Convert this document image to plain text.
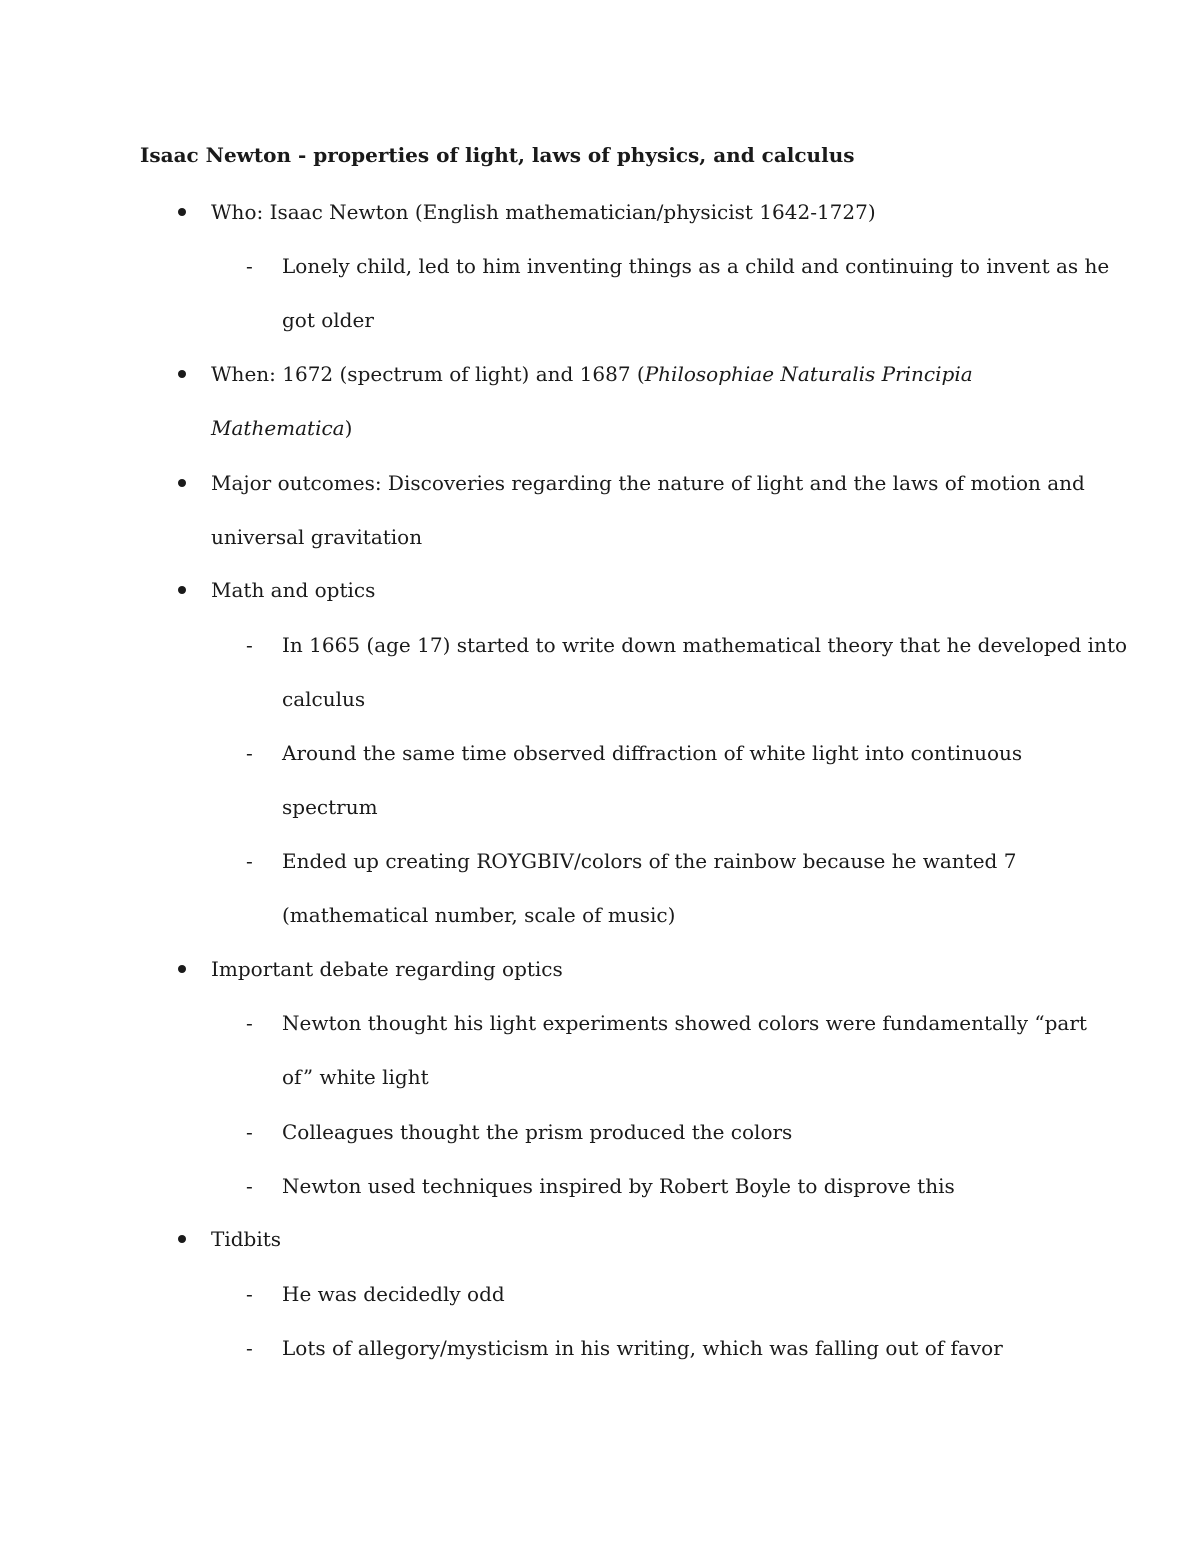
Isaac Newton - properties of light, laws of physics, and calculus
Who: Isaac Newton (English mathematician/physicist 1642-1727)
- Lonely child, led to him inventing things as a child and continuing to invent as he
got older
When: 1672 (spectrum of light) and 1687 (Philosophiae Naturalis Principia
Mathematica)
Major outcomes: Discoveries regarding the nature of light and the laws of motion and
universal gravitation
Math and optics
- In 1665 (age 17) started to write down mathematical theory that he developed into
calculus
- Around the same time observed diffraction of white light into continuous
spectrum
- Ended up creating ROYGBIV/colors of the rainbow because he wanted 7
(mathematical number, scale of music)
Important debate regarding optics
- Newton thought his light experiments showed colors were fundamentally “part
of” white light
- Colleagues thought the prism produced the colors
- Newton used techniques inspired by Robert Boyle to disprove this
Tidbits
- He was decidedly odd
- Lots of allegory/mysticism in his writing, which was falling out of favor
